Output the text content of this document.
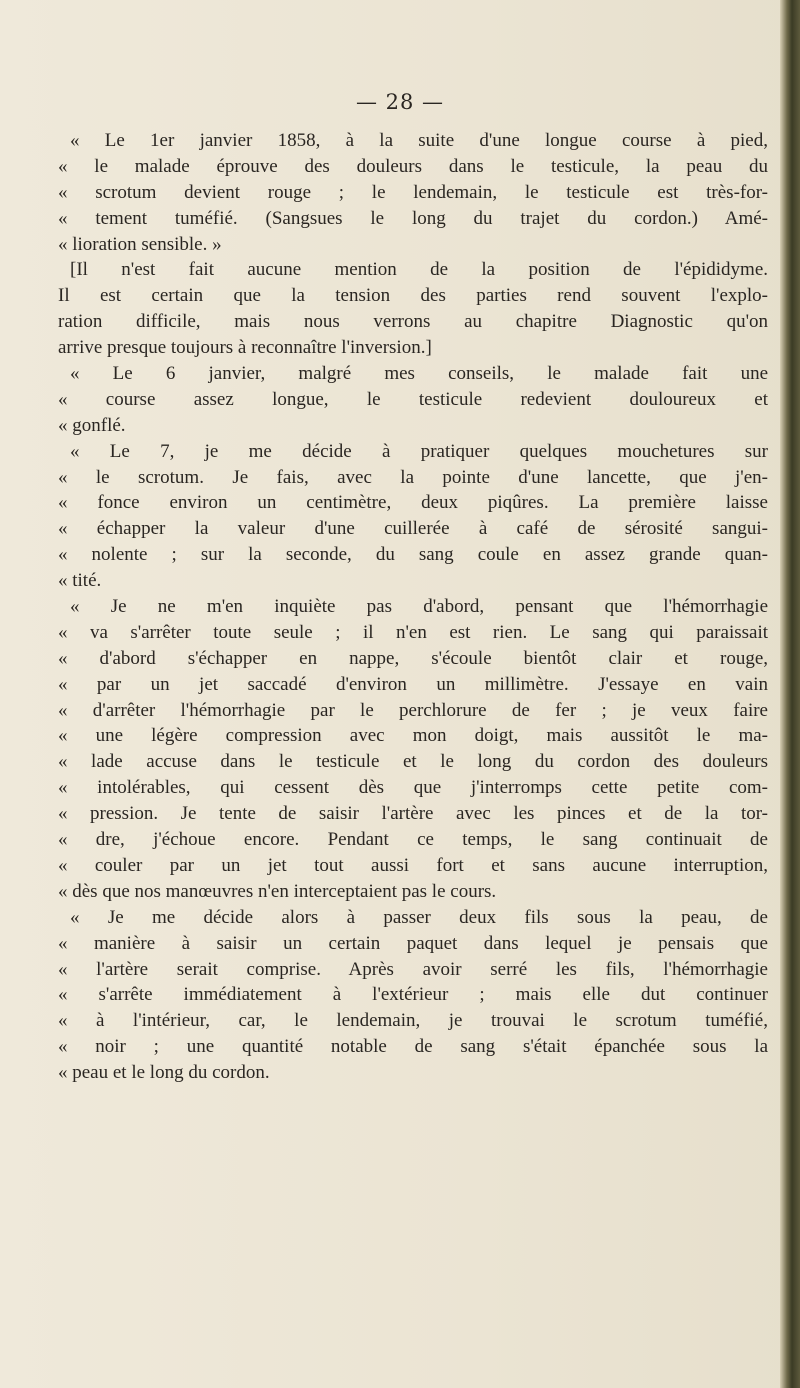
— 28 —
« Le 1er janvier 1858, à la suite d'une longue course à pied,
« le malade éprouve des douleurs dans le testicule, la peau du
« scrotum devient rouge ; le lendemain, le testicule est très-for-
« tement tuméfié. (Sangsues le long du trajet du cordon.) Amé-
« lioration sensible. »
[Il n'est fait aucune mention de la position de l'épididyme.
Il est certain que la tension des parties rend souvent l'explo-
ration difficile, mais nous verrons au chapitre Diagnostic qu'on
arrive presque toujours à reconnaître l'inversion.]
« Le 6 janvier, malgré mes conseils, le malade fait une
« course assez longue, le testicule redevient douloureux et
« gonflé.
« Le 7, je me décide à pratiquer quelques mouchetures sur
« le scrotum. Je fais, avec la pointe d'une lancette, que j'en-
« fonce environ un centimètre, deux piqûres. La première laisse
« échapper la valeur d'une cuillerée à café de sérosité sangui-
« nolente ; sur la seconde, du sang coule en assez grande quan-
« tité.
« Je ne m'en inquiète pas d'abord, pensant que l'hémorrhagie
« va s'arrêter toute seule ; il n'en est rien. Le sang qui paraissait
« d'abord s'échapper en nappe, s'écoule bientôt clair et rouge,
« par un jet saccadé d'environ un millimètre. J'essaye en vain
« d'arrêter l'hémorrhagie par le perchlorure de fer ; je veux faire
« une légère compression avec mon doigt, mais aussitôt le ma-
« lade accuse dans le testicule et le long du cordon des douleurs
« intolérables, qui cessent dès que j'interromps cette petite com-
« pression. Je tente de saisir l'artère avec les pinces et de la tor-
« dre, j'échoue encore. Pendant ce temps, le sang continuait de
« couler par un jet tout aussi fort et sans aucune interruption,
« dès que nos manœuvres n'en interceptaient pas le cours.
« Je me décide alors à passer deux fils sous la peau, de
« manière à saisir un certain paquet dans lequel je pensais que
« l'artère serait comprise. Après avoir serré les fils, l'hémorrhagie
« s'arrête immédiatement à l'extérieur ; mais elle dut continuer
« à l'intérieur, car, le lendemain, je trouvai le scrotum tuméfié,
« noir ; une quantité notable de sang s'était épanchée sous la
« peau et le long du cordon.
